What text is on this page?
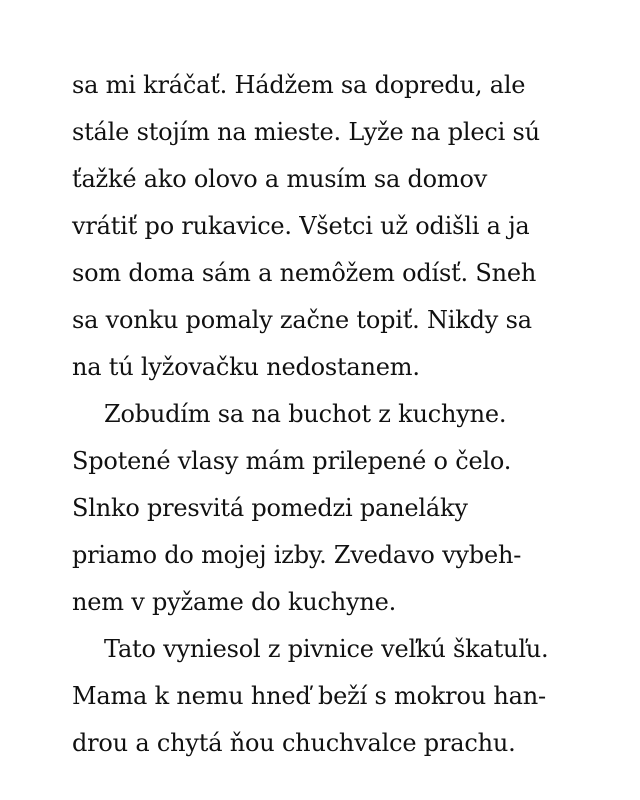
sa mi kráčať. Hádžem sa dopredu, ale
stále stojím na mieste. Lyže na pleci sú
ťažké ako olovo a musím sa domov
vrátiť po rukavice. Všetci už odišli a ja
som doma sám a nemôžem odísť. Sneh
sa vonku pomaly začne topiť. Nikdy sa
na tú lyžovačku nedostanem.
Zobudím sa na buchot z kuchyne.
Spotené vlasy mám prilepené o čelo.
Slnko presvitá pomedzi paneláky
priamo do mojej izby. Zvedavo vybeh-
nem v pyžame do kuchyne.
Tato vyniesol z pivnice veľkú škatuľu.
Mama k nemu hneď beží s mokrou han-
drou a chytá ňou chuchvalce prachu.
